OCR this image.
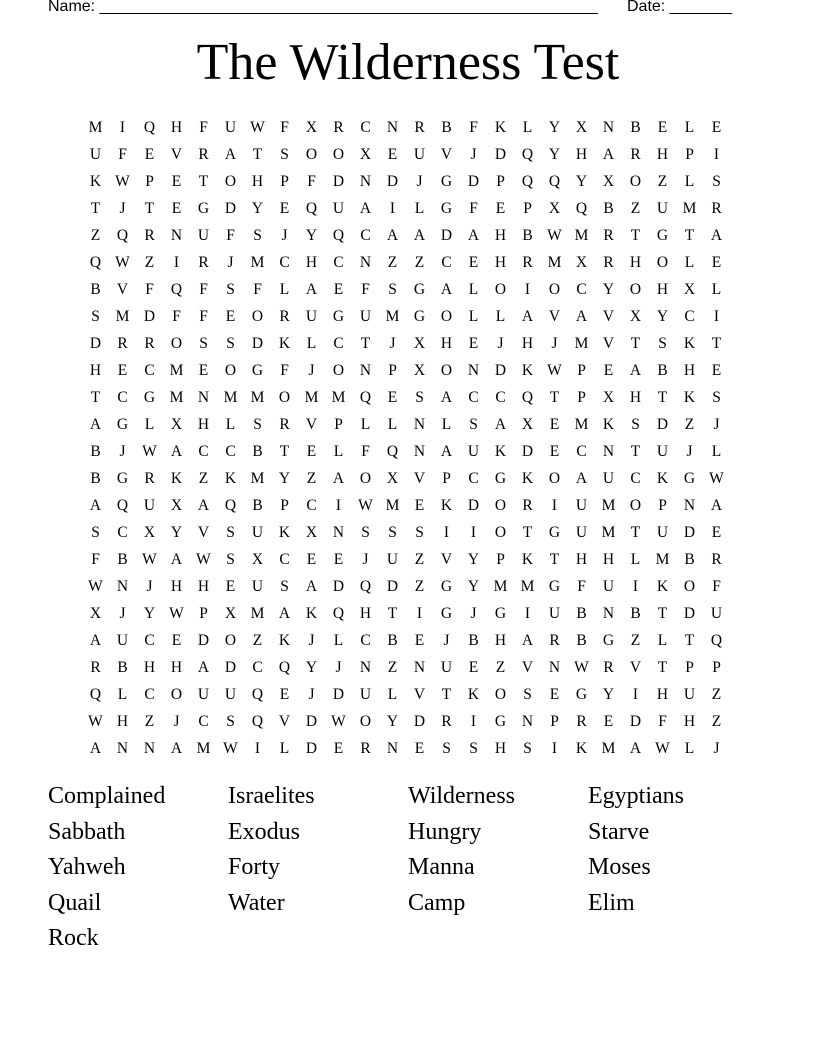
Name: ________________________________________________________ Date: _______
The Wilderness Test
M	I	Q	H	F	U W F	X	R	C	N	R	B	F	K	L	Y	X	N	B	E	L	E
U	F	E	V	R	A	T	S	O	O	X	E	U	V	J	D	Q	Y	H	A	R	H	P	I
K W P	E	T	O	H	P	F	D	N	D	J	G	D	P	Q	Q	Y	X	O	Z	L	S
T	J	T	E	G	D	Y	E	Q	U	A	I	L	G	F	E	P	X	Q	B	Z	U M R
Z	Q	R	N	U	F	S	J	Y	Q	C	A	A	D	A	H	B W M R	T	G	T	A
Q W Z	I	R	J	M C	H	C	N	Z	Z	C	E	H	R M X	R	H	O	L	E
B	V	F	Q	F	S	F	L	A	E	F	S	G	A	L	O	I	O	C	Y	O	H	X	L
S	M D	F	F	E	O	R	U	G	U M G	O	L	L	A	V	A	V	X	Y	C	I
D	R	R	O	S	S	D	K	L	C	T	J	X	H	E	J	H	J	M V	T	S	K	T
H	E	C M E	O	G	F	J	O	N	P	X	O	N	D	K W P	E	A	B	H	E
T	C	G M N M M O M M Q	E	S	A	C	C	Q	T	P	X	H	T	K	S
A	G	L	X	H	L	S	R	V	P	L	L	N	L	S	A	X	E M K	S	D	Z	J
B	J	W A	C	C	B	T	E	L	F	Q	N	A	U	K	D	E	C	N	T	U	J	L
B	G	R	K	Z	K M Y	Z	A	O	X	V	P	C	G	K	O	A	U	C	K	G W
A	Q	U	X	A	Q	B	P	C	I	W M E	K	D	O	R	I	U M O	P	N	A
S	C	X	Y	V	S	U	K	X	N	S	S	S	I	I	O	T	G	U M T	U	D	E
F	B W A W S	X	C	E	E	J	U	Z	V	Y	P	K	T	H	H	L M B	R
W N	J	H	H	E	U	S	A	D	Q	D	Z	G	Y M M G	F	U	I	K	O	F
X	J	Y W P	X M A	K	Q	H	T	I	G	J	G	I	U	B	N	B	T	D	U
A	U	C	E	D	O	Z	K	J	L	C	B	E	J	B	H	A	R	B	G	Z	L	T	Q
R	B	H	H	A	D	C	Q	Y	J	N	Z	N	U	E	Z	V	N W R	V	T	P	P
Q	L	C	O	U	U	Q	E	J	D	U	L	V	T	K	O	S	E	G	Y	I	H	U	Z
W H	Z	J	C	S	Q	V	D W O	Y	D	R	I	G	N	P	R	E	D	F	H	Z
A	N	N	A M W	I	L	D	E	R	N	E	S	S	H	S	I	K M A W L	J
Complained	Israelites	Wilderness	Egyptians
Sabbath	Exodus	Hungry	Starve
Yahweh	Forty	Manna	Moses
Quail	Water	Camp	Elim
Rock
